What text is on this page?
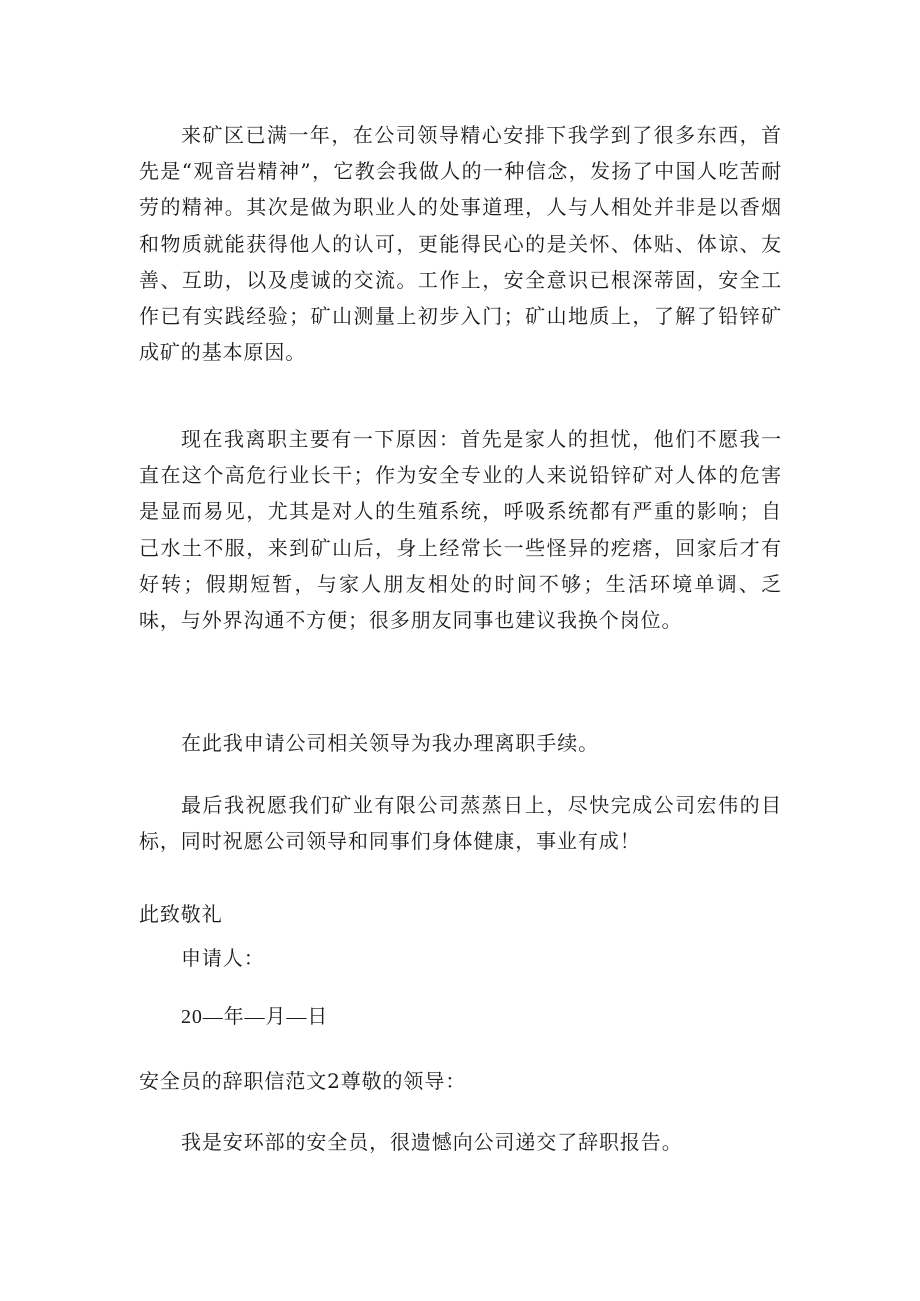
来矿区已满一年，在公司领导精心安排下我学到了很多东西，首先是“观音岩精神”，它教会我做人的一种信念，发扬了中国人吃苦耐劳的精神。其次是做为职业人的处事道理，人与人相处并非是以香烟和物质就能获得他人的认可，更能得民心的是关怀、体贴、体谅、友善、互助，以及虔诚的交流。工作上，安全意识已根深蒂固，安全工作已有实践经验；矿山测量上初步入门；矿山地质上，了解了铅锌矿成矿的基本原因。

现在我离职主要有一下原因：首先是家人的担忧，他们不愿我一直在这个高危行业长干；作为安全专业的人来说铅锌矿对人体的危害是显而易见，尤其是对人的生殖系统，呼吸系统都有严重的影响；自己水土不服，来到矿山后，身上经常长一些怪异的疙瘩，回家后才有好转；假期短暂，与家人朋友相处的时间不够；生活环境单调、乏味，与外界沟通不方便；很多朋友同事也建议我换个岗位。

在此我申请公司相关领导为我办理离职手续。

最后我祝愿我们矿业有限公司蒸蒸日上，尽快完成公司宏伟的目标，同时祝愿公司领导和同事们身体健康，事业有成！

此致敬礼

申请人：

20—年—月—日

安全员的辞职信范文2尊敬的领导：

我是安环部的安全员，很遗憾向公司递交了辞职报告。
